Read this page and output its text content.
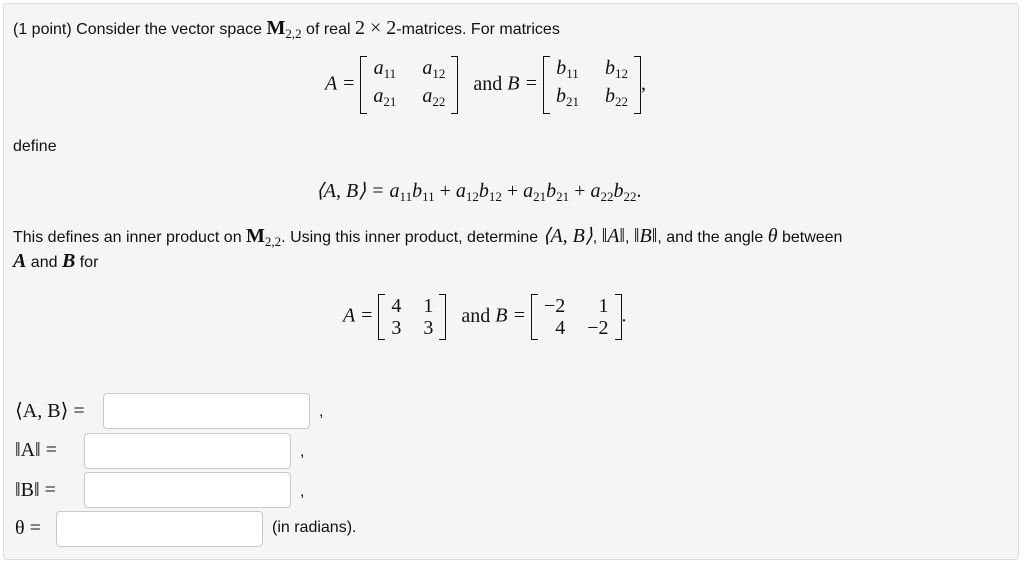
(1 point) Consider the vector space $M_{2,2}$ of real 2 × 2-matrices. For matrices
A =
$a_{11}$ $a_{12}$
$a_{21}$ $a_{22}$
and B =
$b_{11}$ $b_{12}$
$b_{21}$ $b_{22}$
,
define
⟨A, B⟩ = $a_{11}b_{11} + a_{12}b_{12} + a_{21}b_{21} + a_{22}b_{22}$.
This defines an inner product on $M_{2,2}$. Using this inner product, determine ⟨A, B⟩, ‖A‖, ‖B‖, and the angle θ between
A and B for
A = 4 1
3 3
and B = −2	1
4 −2
.
⟨A, B⟩ =	,
‖A‖ =	,
‖B‖ =	,
θ =	(in radians).
